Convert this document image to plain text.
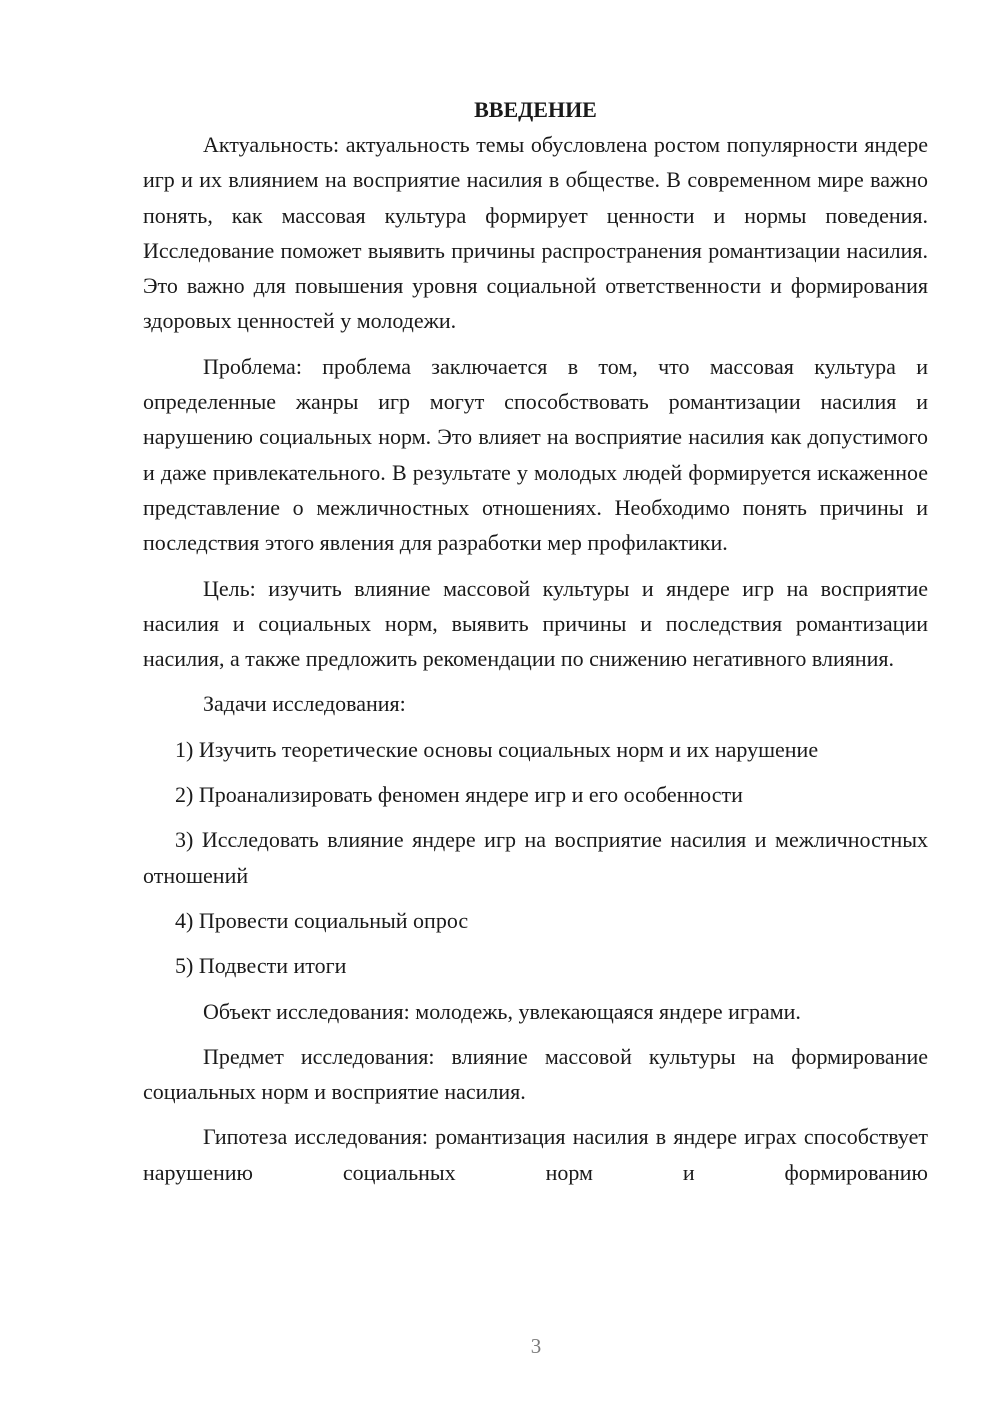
ВВЕДЕНИЕ

Актуальность: актуальность темы обусловлена ростом популярности яндере игр и их влиянием на восприятие насилия в обществе. В современном мире важно понять, как массовая культура формирует ценности и нормы поведения. Исследование поможет выявить причины распространения романтизации насилия. Это важно для повышения уровня социальной ответственности и формирования здоровых ценностей у молодежи.

Проблема: проблема заключается в том, что массовая культура и определенные жанры игр могут способствовать романтизации насилия и нарушению социальных норм. Это влияет на восприятие насилия как допустимого и даже привлекательного. В результате у молодых людей формируется искаженное представление о межличностных отношениях. Необходимо понять причины и последствия этого явления для разработки мер профилактики.

Цель: изучить влияние массовой культуры и яндере игр на восприятие насилия и социальных норм, выявить причины и последствия романтизации насилия, а также предложить рекомендации по снижению негативного влияния.

Задачи исследования:

1) Изучить теоретические основы социальных норм и их нарушение

2) Проанализировать феномен яндере игр и его особенности

3) Исследовать влияние яндере игр на восприятие насилия и межличностных отношений

4) Провести социальный опрос

5) Подвести итоги

Объект исследования: молодежь, увлекающаяся яндере играми.

Предмет исследования: влияние массовой культуры на формирование социальных норм и восприятие насилия.

Гипотеза исследования: романтизация насилия в яндере играх способствует нарушению социальных норм и формированию

3
